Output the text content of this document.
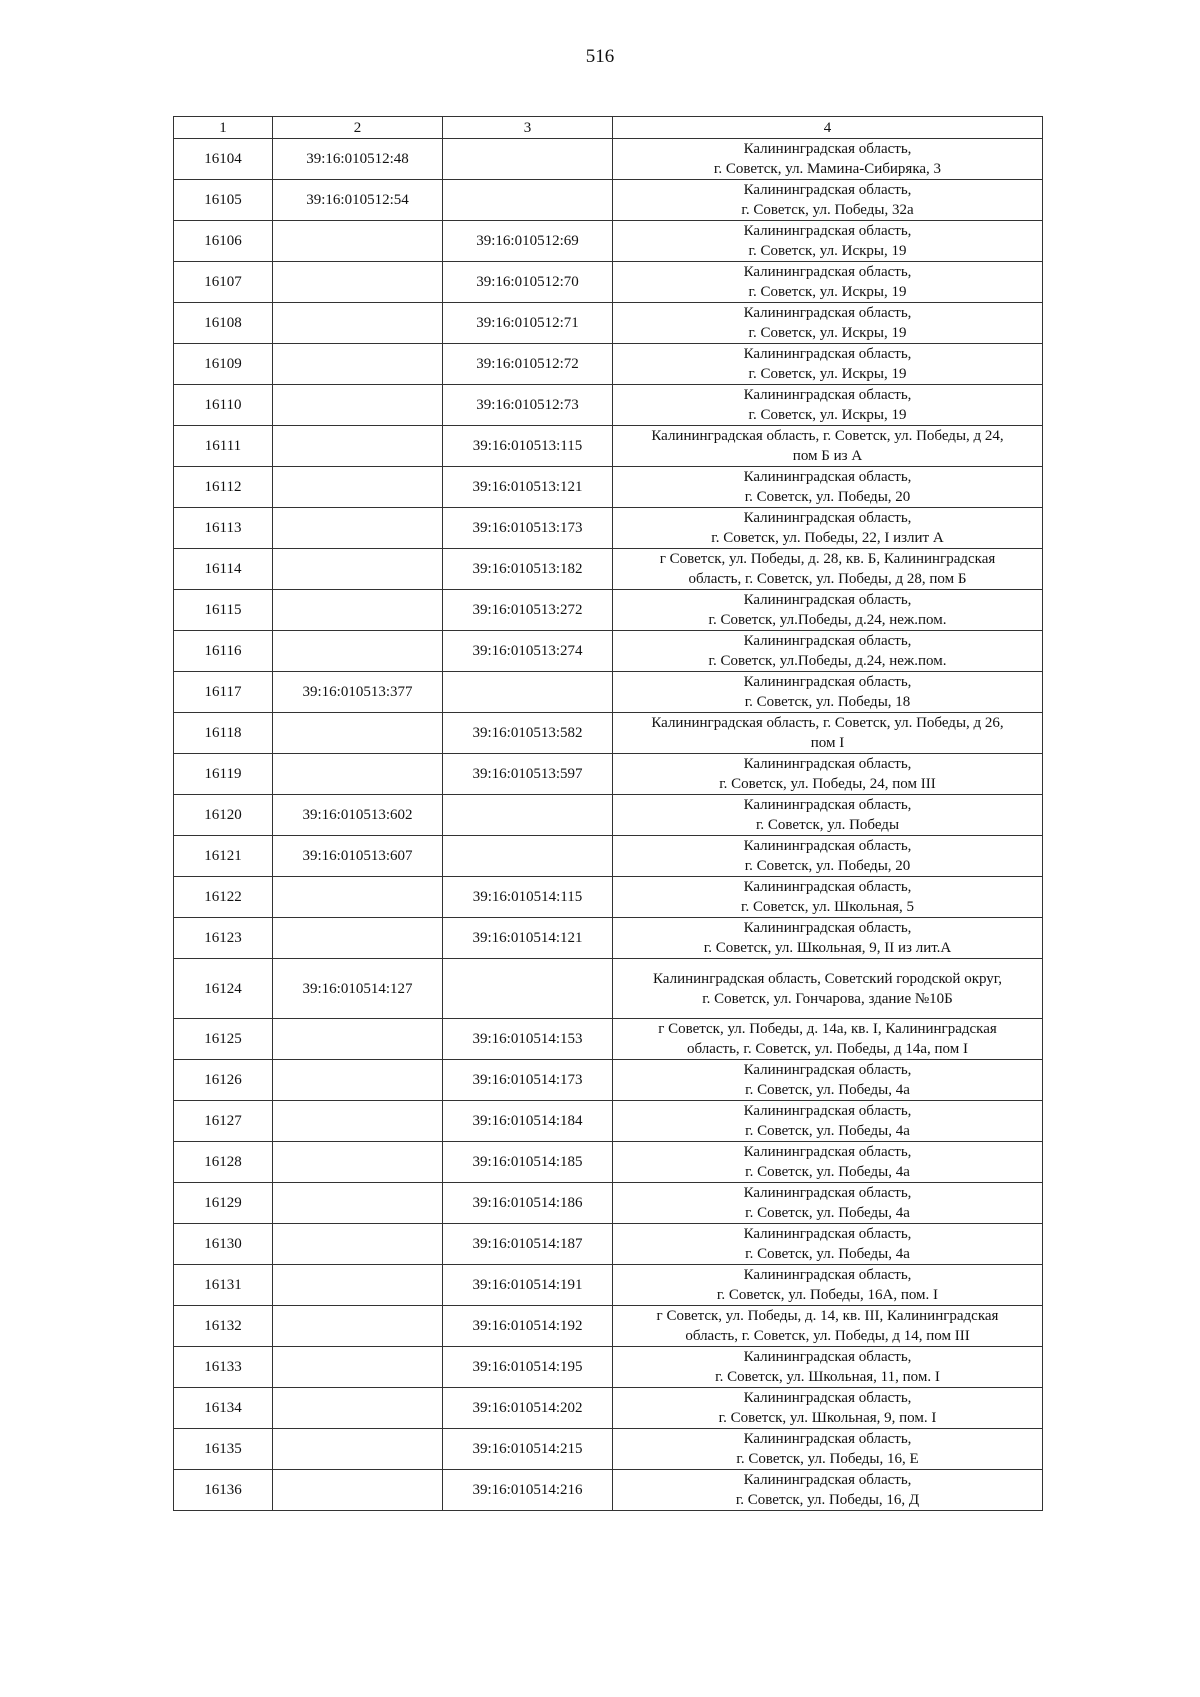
516
1	2	3	4
16104	39:16:010512:48		Калининградская область,
г. Советск, ул. Мамина-Сибиряка, 3

16105	39:16:010512:54		Калининградская область,
г. Советск, ул. Победы, 32а

16106		39:16:010512:69	Калининградская область,
г. Советск, ул. Искры, 19

16107		39:16:010512:70	Калининградская область,
г. Советск, ул. Искры, 19

16108		39:16:010512:71	Калининградская область,
г. Советск, ул. Искры, 19

16109		39:16:010512:72	Калининградская область,
г. Советск, ул. Искры, 19

16110		39:16:010512:73	Калининградская область,
г. Советск, ул. Искры, 19

16111		39:16:010513:115	Калининградская область, г. Советск, ул. Победы, д 24,
пом Б из А

16112		39:16:010513:121	Калининградская область,
г. Советск, ул. Победы, 20

16113		39:16:010513:173	Калининградская область,
г. Советск, ул. Победы, 22, I излит А

16114		39:16:010513:182	г Советск, ул. Победы, д. 28, кв. Б, Калининградская
область, г. Советск, ул. Победы, д 28, пом Б

16115		39:16:010513:272	Калининградская область,
г. Советск, ул.Победы, д.24, неж.пом.

16116		39:16:010513:274	Калининградская область,
г. Советск, ул.Победы, д.24, неж.пом.

16117	39:16:010513:377		Калининградская область,
г. Советск, ул. Победы, 18

16118		39:16:010513:582	Калининградская область, г. Советск, ул. Победы, д 26,
пом I

16119		39:16:010513:597	Калининградская область,
г. Советск, ул. Победы, 24, пом III

16120	39:16:010513:602		Калининградская область,
г. Советск, ул. Победы

16121	39:16:010513:607		Калининградская область,
г. Советск, ул. Победы, 20

16122		39:16:010514:115	Калининградская область,
г. Советск, ул. Школьная, 5

16123		39:16:010514:121	Калининградская область,
г. Советск, ул. Школьная, 9, II из лит.А

16124	39:16:010514:127		Калининградская область, Советский городской округ,
г. Советск, ул. Гончарова, здание №10Б

16125		39:16:010514:153	г Советск, ул. Победы, д. 14а, кв. I, Калининградская
область, г. Советск, ул. Победы, д 14а, пом I

16126		39:16:010514:173	Калининградская область,
г. Советск, ул. Победы, 4а

16127		39:16:010514:184	Калининградская область,
г. Советск, ул. Победы, 4а

16128		39:16:010514:185	Калининградская область,
г. Советск, ул. Победы, 4а

16129		39:16:010514:186	Калининградская область,
г. Советск, ул. Победы, 4а

16130		39:16:010514:187	Калининградская область,
г. Советск, ул. Победы, 4а

16131		39:16:010514:191	Калининградская область,
г. Советск, ул. Победы, 16А, пом. I

16132		39:16:010514:192	г Советск, ул. Победы, д. 14, кв. III, Калининградская
область, г. Советск, ул. Победы, д 14, пом III

16133		39:16:010514:195	Калининградская область,
г. Советск, ул. Школьная, 11, пом. I

16134		39:16:010514:202	Калининградская область,
г. Советск, ул. Школьная, 9, пом. I

16135		39:16:010514:215	Калининградская область,
г. Советск, ул. Победы, 16, Е

16136		39:16:010514:216	Калининградская область,
г. Советск, ул. Победы, 16, Д
